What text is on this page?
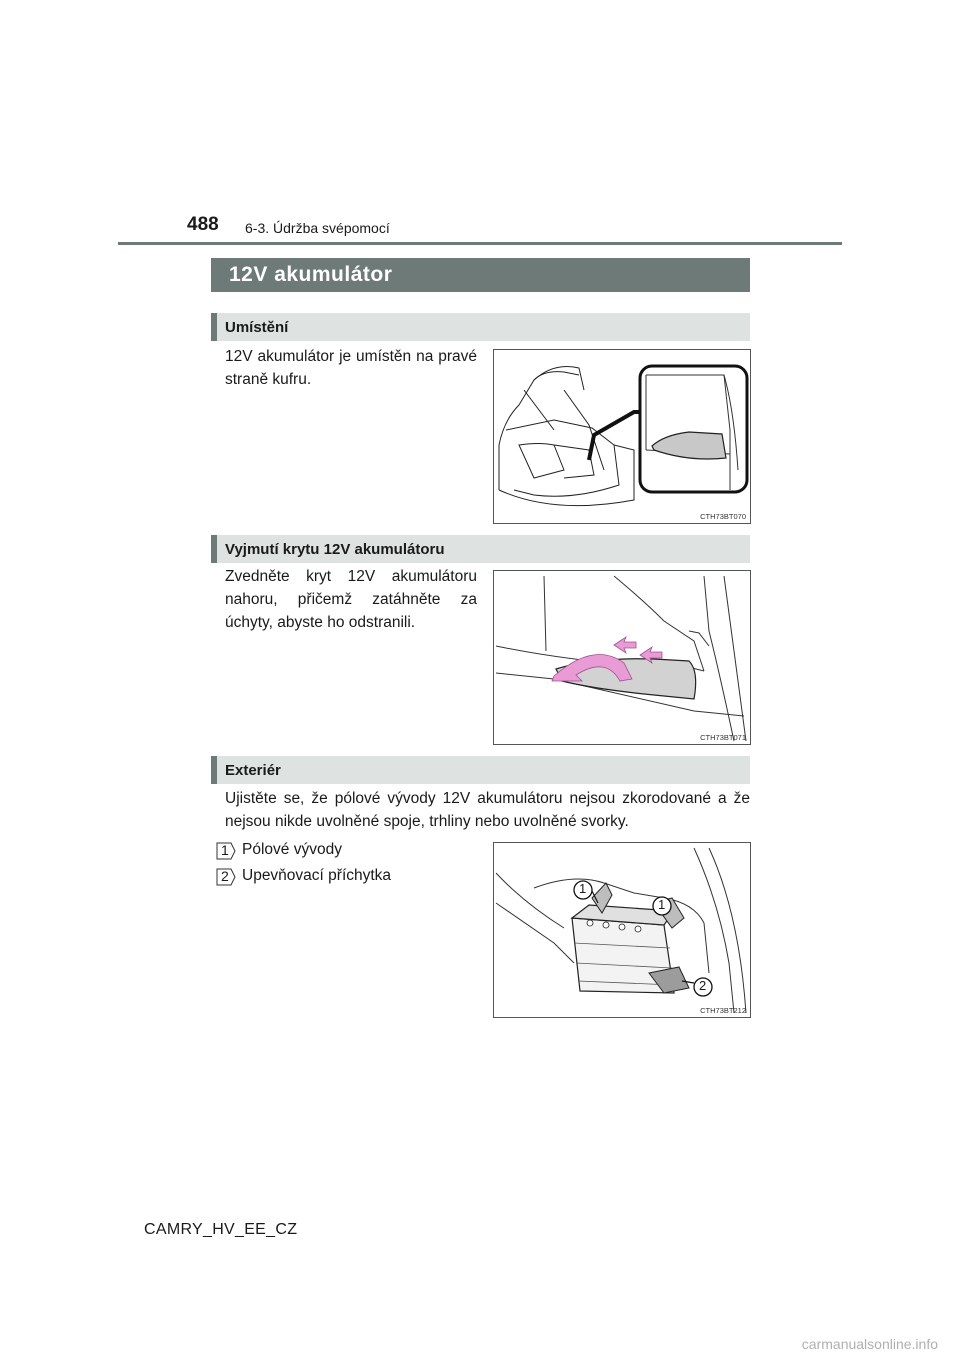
488 6-3. Údržba svépomocí
12V akumulátor
Umístění
12V akumulátor je umístěn na pravé straně kufru.
CTH73BT070
Vyjmutí krytu 12V akumulátoru
Zvedněte kryt 12V akumulátoru nahoru, přičemž zatáhněte za úchyty, abyste ho odstranili.
CTH73BT071
Exteriér
Ujistěte se, že pólové vývody 12V akumulátoru nejsou zkorodované a že nejsou nikde uvolněné spoje, trhliny nebo uvolněné svorky.
1 Pólové vývody
2 Upevňovací příchytka
1
1
2
CTH73BT212
CAMRY_HV_EE_CZ
carmanualsonline.info
